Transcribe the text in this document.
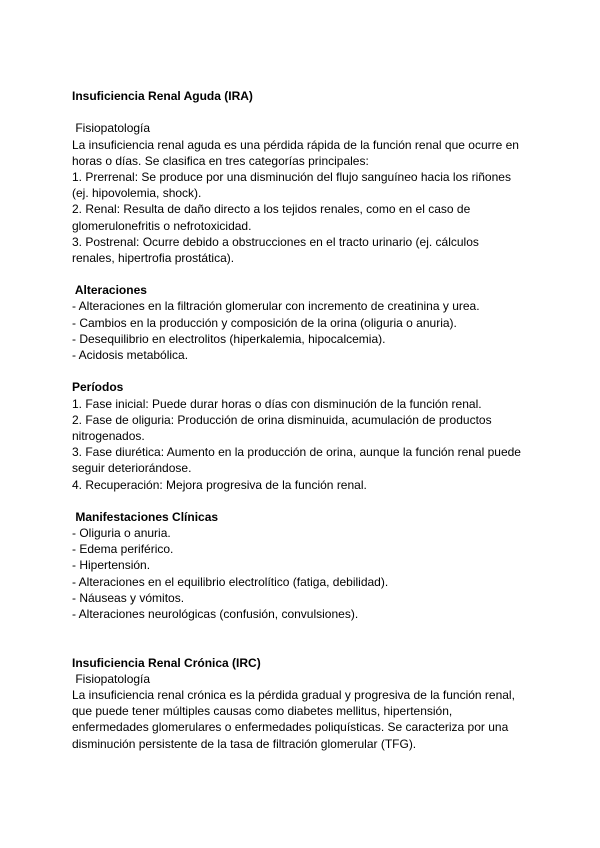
Insuficiencia Renal Aguda (IRA)
Fisiopatología
La insuficiencia renal aguda es una pérdida rápida de la función renal que ocurre en
horas o días. Se clasifica en tres categorías principales:
1. Prerrenal: Se produce por una disminución del flujo sanguíneo hacia los riñones
(ej. hipovolemia, shock).
2. Renal: Resulta de daño directo a los tejidos renales, como en el caso de
glomerulonefritis o nefrotoxicidad.
3. Postrenal: Ocurre debido a obstrucciones en el tracto urinario (ej. cálculos
renales, hipertrofia prostática).
Alteraciones
- Alteraciones en la filtración glomerular con incremento de creatinina y urea.
- Cambios en la producción y composición de la orina (oliguria o anuria).
- Desequilibrio en electrolitos (hiperkalemia, hipocalcemia).
- Acidosis metabólica.
Períodos
1. Fase inicial: Puede durar horas o días con disminución de la función renal.
2. Fase de oliguria: Producción de orina disminuida, acumulación de productos
nitrogenados.
3. Fase diurética: Aumento en la producción de orina, aunque la función renal puede
seguir deteriorándose.
4. Recuperación: Mejora progresiva de la función renal.
Manifestaciones Clínicas
- Oliguria o anuria.
- Edema periférico.
- Hipertensión.
- Alteraciones en el equilibrio electrolítico (fatiga, debilidad).
- Náuseas y vómitos.
- Alteraciones neurológicas (confusión, convulsiones).
Insuficiencia Renal Crónica (IRC)
Fisiopatología
La insuficiencia renal crónica es la pérdida gradual y progresiva de la función renal,
que puede tener múltiples causas como diabetes mellitus, hipertensión,
enfermedades glomerulares o enfermedades poliquísticas. Se caracteriza por una
disminución persistente de la tasa de filtración glomerular (TFG).
